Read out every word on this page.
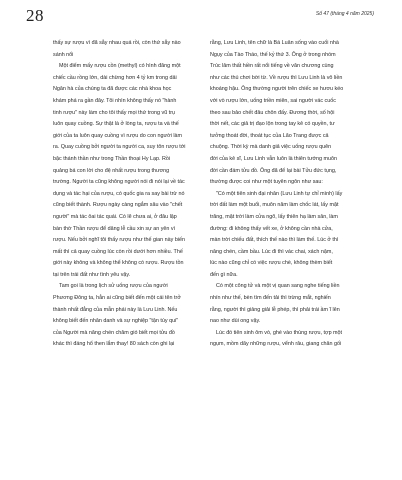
28	Số 47 (tháng 4 năm 2025)

thấy sự rượu vì đã sẵy nhau quá rồi, còn thứ sẵy nào
sánh nổi

Một điểm mấy rượu cồn (methyl) có hình đăng một
chiếc cầu rồng lớn, dài chừng hơn 4 tỷ km trong dải
Ngân hà của chúng ta đã được các nhà khoa học
khám phá ra gần đây. Tôi nhìn không thấy nó "hành
tinh rượu" này làm cho tôi thấy mọi thứ trong vũ trụ
luôn quay cuồng. Sự thật là ở lòng ta, rượu ta và thế
giới của ta luôn quay cuồng vì rượu do con người làm
ra. Quay cuồng bởi người ta người ca, suy tôn rượu tới
bậc thánh thần như trong Thần thoại Hy Lạp. Rồi
quảng bá con lời cho đệ nhất rượu trong thương
trường. Người ta cũng không người nói đi nói lại về tác
dụng và tác hại của rượu, có quốc gia ra say bài trừ nó
cũng biết thành. Rượu ngày càng ngắm sâu vào "chết
người" mà tác ôai tác quái. Có lẽ chưa ai, ở đâu lập
bàn thờ Thần rượu để dâng lễ cầu xin sự an yên vì
rượu. Nếu bởi nghĩ tôi thấy rượu như thế gian này biến
mất thì cả quay cuồng lúc còn rồi dưới hơn nhiều. Thế
giới này không và không thể không có rượu. Rượu tồn
tại trên trái đất như tình yêu vậy.

Tam goi là trong lịch sử uống rượu của người
Phương Đông ta, hẳn ai cũng biết đến một cái tên trở
thành nhất đẳng của mẫn phái này là Lưu Linh. Nếu
không biết đến nhân danh và sự nghiệp "tận túy qui"
của Người mà năng chén chăm gió biết mọi tửu đồ
khác thì đáng hổ then lắm thay! 80 sách còn ghi lại

rằng, Lưu Linh, tên chữ là Bá Luân sống vào cuối nhà
Ngụy của Tào Tháo, thế kỷ thứ 3. Ông ở trong nhóm
Trúc lâm thất hiền rất nổi tiếng về văn chương cùng
như các thú chơi bời từ. Về rượu thì Lưu Linh là vô liền
khoáng hậu. Ông thường người trên chiếc xe hươu kéo
với vò rượu lớn, uống triền miên, sai người vác cuốc
theo sau bảo chết đâu chôn đấy. Đương thời, số hội
thời nết, các giả trị đạo lộn trong tay kẻ có quyền, tư
tưởng thoát đời, thoát tục của Lão Trang được cả
chuộng. Thời kỳ mà danh giả việc uống rượu quên
đời của kẻ sĩ, Lưu Linh vẫn luôn là thiên tướng muôn
đời cần đám tửu đồ. Ông đã để lại bài Tửu đức tụng,
thường được coi như một tuyên ngôn như sau:

"Có một tiên sinh đại nhân (Lưu Linh tự chỉ mình) lấy
trời đất làm một buổi, muôn năm làm chốc lát, lấy mặt
trăng, mặt trời làm cửa ngõ, lấy thiên hạ làm sân, làm
đường: đi không thấy vết xe, ở không cần nhà cửa,
màn trời chiếu đất, thích thế nào thì làm thế. Lúc ở thì
nâng chén, cầm bầu. Lúc đi thì vác chai, xách nậm,
lúc nào cũng chỉ có việc rượu chè, không thèm biết
đến gì nữa.

Có một công tử và một vị quan sang nghe tiếng liền
nhín như thế, bèn tìm đến tải thì trừng mắt, nghiến
rằng, người thì giảng giải lễ phép, thì phải trái ầm ĩ lên
nao như dùi ong vậy.

Lúc đó tiên sinh ôm vò, ghé vào thùng rượu, tợp một
ngụm, mồm dãy những rượu, vểnh râu, giang chân gối
